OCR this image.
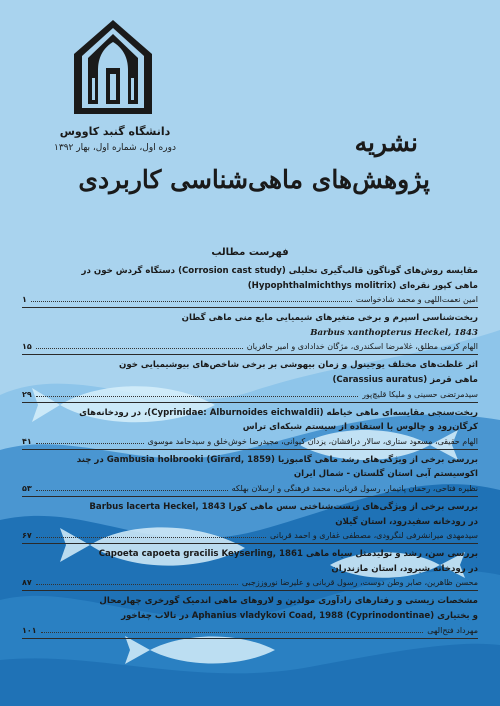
دانشگاه گنبد کاووس
دوره اول، شماره اول، بهار ۱۳۹۲	نشریه
پژوهش‌های ماهی‌شناسی کاربردی
فهرست مطالب
مقایسه روش‌های گوناگون قالب‌گیری تحلیلی (Corrosion cast study) دستگاه گردش خون در
ماهی کپور نقره‌ای (Hypophthalmichthys molitrix)
امین نعمت‌اللهی و محمد شادخواست
۱
ریخت‌شناسی اسپرم و برخی متغیرهای شیمیایی مایع منی ماهی گطان
Barbus xanthopterus Heckel, 1843
الهام کرمی مطلق، غلامرضا اسکندری، مژگان خدادادی و امیر جافریان
۱۵
اثر غلظت‌های مختلف یوجینول و زمان بیهوشی بر برخی شاخص‌های بیوشیمیایی خون
ماهی قرمز (Carassius auratus)
سیدمرتضی حسینی و ملیکا قلیچ‌پور
۲۹
ریخت‌سنجی مقایسه‌ای ماهی خیاطه (Cyprinidae: Alburnoides eichwaldii)، در رودخانه‌های
کرگان‌رود و چالوس با استفاده از سیستم شبکه‌ای تراس
الهام حقیقی، مسعود ستاری، سالار درافشان، یزدان کیوانی، مجیدرضا خوش‌خلق و سیدحامد موسوی
۴۱
بررسی برخی از ویژگی‌های رشد ماهی گامبوزیا (Gambusia holbrooki (Girard, 1859 در چند
اکوسیستم آبی استان گلستان - شمال ایران
نظیره فتاحی، رحمان پاتیمار، رسول قربانی، محمد فرهنگی و ارسلان بهلکه
۵۳
بررسی برخی از ویژگی‌های زیست‌شناختی سس ماهی کورا Barbus lacerta Heckel, 1843
در رودخانه سفیدرود، استان گیلان
سیدمهدی میرانشرفی لنگرودی، مصطفی غفاری و احمد قربانی
۶۷
بررسی سن، رشد و تولیدمثل سیاه ماهی Capoeta capoeta gracilis Keyserling, 1861
در رودخانه شیرود، استان مازندران
محسن ظاهرین، صابر وطن دوست، رسول قربانی و علیرضا نوروززجبی
۸۷
مشخصات زیستی و رفتارهای زادآوری مولدین و لاروهای ماهی اندمیک گورخری چهارمحال
و بختیاری (Aphanius vladykovi Coad, 1988 (Cyprinodontinae در تالاب چغاخور
مهرداد فتح‌الهی
۱۰۱
